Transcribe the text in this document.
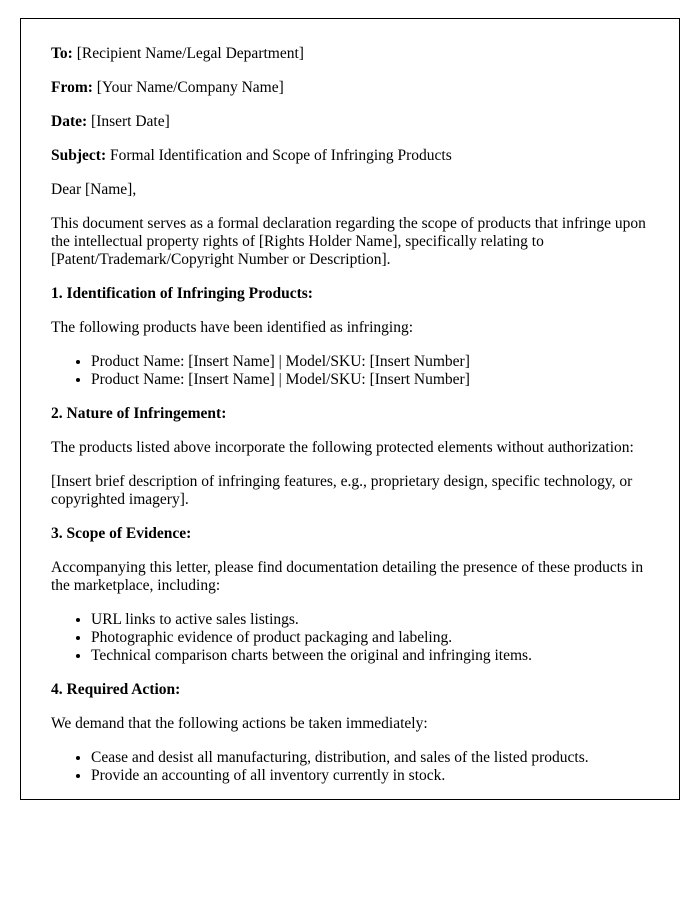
To: [Recipient Name/Legal Department]

From: [Your Name/Company Name]

Date: [Insert Date]

Subject: Formal Identification and Scope of Infringing Products

Dear [Name],

This document serves as a formal declaration regarding the scope of products that infringe upon the intellectual property rights of [Rights Holder Name], specifically relating to [Patent/Trademark/Copyright Number or Description].

1. Identification of Infringing Products:

The following products have been identified as infringing:

• Product Name: [Insert Name] | Model/SKU: [Insert Number]
• Product Name: [Insert Name] | Model/SKU: [Insert Number]

2. Nature of Infringement:

The products listed above incorporate the following protected elements without authorization:

[Insert brief description of infringing features, e.g., proprietary design, specific technology, or copyrighted imagery].

3. Scope of Evidence:

Accompanying this letter, please find documentation detailing the presence of these products in the marketplace, including:

• URL links to active sales listings.
• Photographic evidence of product packaging and labeling.
• Technical comparison charts between the original and infringing items.

4. Required Action:

We demand that the following actions be taken immediately:

• Cease and desist all manufacturing, distribution, and sales of the listed products.
• Provide an accounting of all inventory currently in stock.
